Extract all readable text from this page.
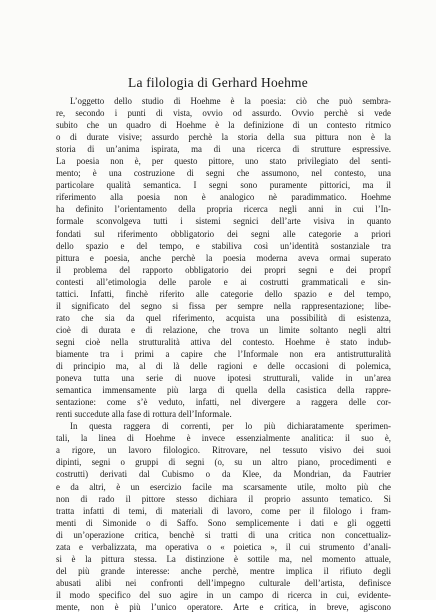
La filologia di Gerhard Hoehme
L’oggetto dello studio di Hoehme è la poesia: ciò che può sembra-
re, secondo i punti di vista, ovvio od assurdo. Ovvio perchè si vede
subito che un quadro di Hoehme è la definizione di un contesto ritmico
o di durate visive; assurdo perchè la storia della sua pittura non è la
storia di un’anima ispirata, ma di una ricerca di strutture espressive.
La poesia non è, per questo pittore, uno stato privilegiato del senti-
mento; è una costruzione di segni che assumono, nel contesto, una
particolare qualità semantica. I segni sono puramente pittorici, ma il
riferimento alla poesia non è analogico nè paradimmatico. Hoehme
ha definito l’orientamento della propria ricerca negli anni in cui l’In-
formale sconvolgeva tutti i sistemi segnici dell’arte visiva in quanto
fondati sul riferimento obbligatorio dei segni alle categorie a priori
dello spazio e del tempo, e stabiliva così un’identità sostanziale tra
pittura e poesia, anche perchè la poesia moderna aveva ormai superato
il problema del rapporto obbligatorio dei propri segni e dei proprî
contesti all’etimologia delle parole e ai costrutti grammaticali e sin-
tattici. Infatti, finchè riferito alle categorie dello spazio e del tempo,
il significato del segno si fissa per sempre nella rappresentazione; libe-
rato che sia da quel riferimento, acquista una possibilità di esistenza,
cioè di durata e di relazione, che trova un limite soltanto negli altri
segni cioè nella strutturalità attiva del contesto. Hoehme è stato indub-
biamente tra i primi a capire che l’Informale non era antistrutturalità
di principio ma, al di là delle ragioni e delle occasioni di polemica,
poneva tutta una serie di nuove ipotesi strutturali, valide in un’area
semantica immensamente più larga di quella della casistica della rappre-
sentazione: come s’è veduto, infatti, nel divergere a raggera delle cor-
renti succedute alla fase di rottura dell’Informale.
In questa raggera di correnti, per lo più dichiaratamente sperimen-
tali, la linea di Hoehme è invece essenzialmente analitica: il suo è,
a rigore, un lavoro filologico. Ritrovare, nel tessuto visivo dei suoi
dipinti, segni o gruppi di segni (o, su un altro piano, procedimenti e
costrutti) derivati dal Cubismo o da Klee, da Mondrian, da Fautrier
e da altri, è un esercizio facile ma scarsamente utile, molto più che
non di rado il pittore stesso dichiara il proprio assunto tematico. Si
tratta infatti di temi, di materiali di lavoro, come per il filologo i fram-
menti di Simonide o di Saffo. Sono semplicemente i dati e gli oggetti
di un’operazione critica, benchè si tratti di una critica non concettualiz-
zata e verbalizzata, ma operativa o « poietica », il cui strumento d’anali-
si è la pittura stessa. La distinzione è sottile ma, nel momento attuale,
del più grande interesse: anche perchè, mentre implica il rifiuto degli
abusati alibi nei confronti dell’impegno culturale dell’artista, definisce
il modo specifico del suo agire in un campo di ricerca in cui, evidente-
mente, non è più l’unico operatore. Arte e critica, in breve, agiscono
